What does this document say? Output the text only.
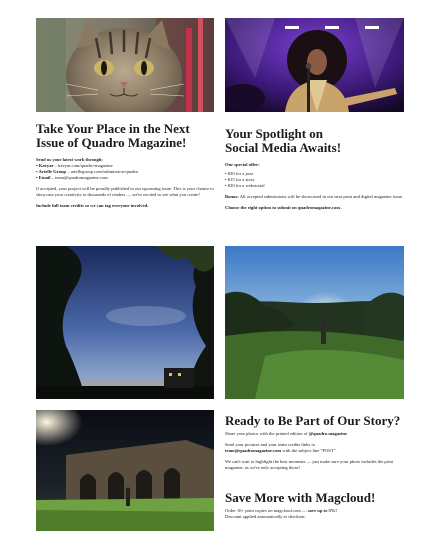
Take Your Place in the Next
Issue of Quadro Magazine!

Send us your latest work through:

• Kavyar – kavyar.com/quadro-magazine
• Artelle Group – artellegroup.com/submission-quadro
• Email – team@quadromagazine.com

If accepted, your project will be proudly published in our upcoming issue. This is your chance to showcase your creativity to thousands of readers — we're excited to see what you create!

Include full team credits so we can tag everyone involved.

Your Spotlight on
Social Media Awaits!

Our special offer:

• $30 for a post
• $15 for a story
• $30 for a webstorial

Bonus: All accepted submissions will be showcased in our next print and digital magazine issue.

Choose the right option to submit on quadromagazine.com .

Ready to Be Part of Our Story?

Share your photos with the printed edition of @quadro.magazine

Send your pictures and your team credits links to
team@quadromagazine.com with the subject line "POST".

We can't wait to highlight the best moments — just make sure your photo includes the print magazine, as we're only accepting those!

Save More with Magcloud!

Order 10+ print copies on magcloud.com — save up to 5%!

Discount applied automatically at checkout.
